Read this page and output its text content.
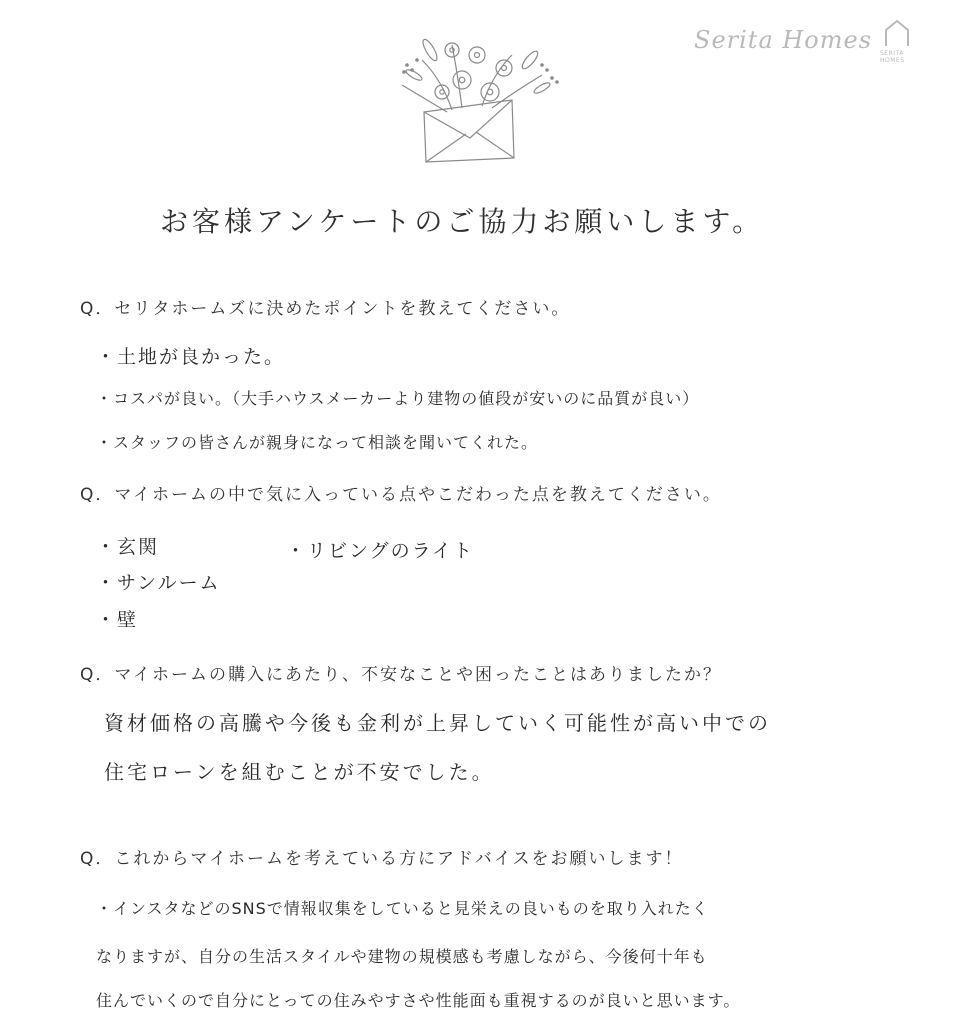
Serita Homes SERITA HOMES
お客様アンケートのご協力お願いします。
Q．セリタホームズに決めたポイントを教えてください。
・土地が良かった。
・コスパが良い。（大手ハウスメーカーより建物の値段が安いのに品質が良い）
・スタッフの皆さんが親身になって相談を聞いてくれた。
Q．マイホームの中で気に入っている点やこだわった点を教えてください。
・玄関	・リビングのライト
・サンルーム
・壁
Q．マイホームの購入にあたり、不安なことや困ったことはありましたか？
資材価格の高騰や今後も金利が上昇していく可能性が高い中での
住宅ローンを組むことが不安でした。
Q．これからマイホームを考えている方にアドバイスをお願いします！
・インスタなどのSNSで情報収集をしていると見栄えの良いものを取り入れたく
なりますが、自分の生活スタイルや建物の規模感も考慮しながら、今後何十年も
住んでいくので自分にとっての住みやすさや性能面も重視するのが良いと思います。
